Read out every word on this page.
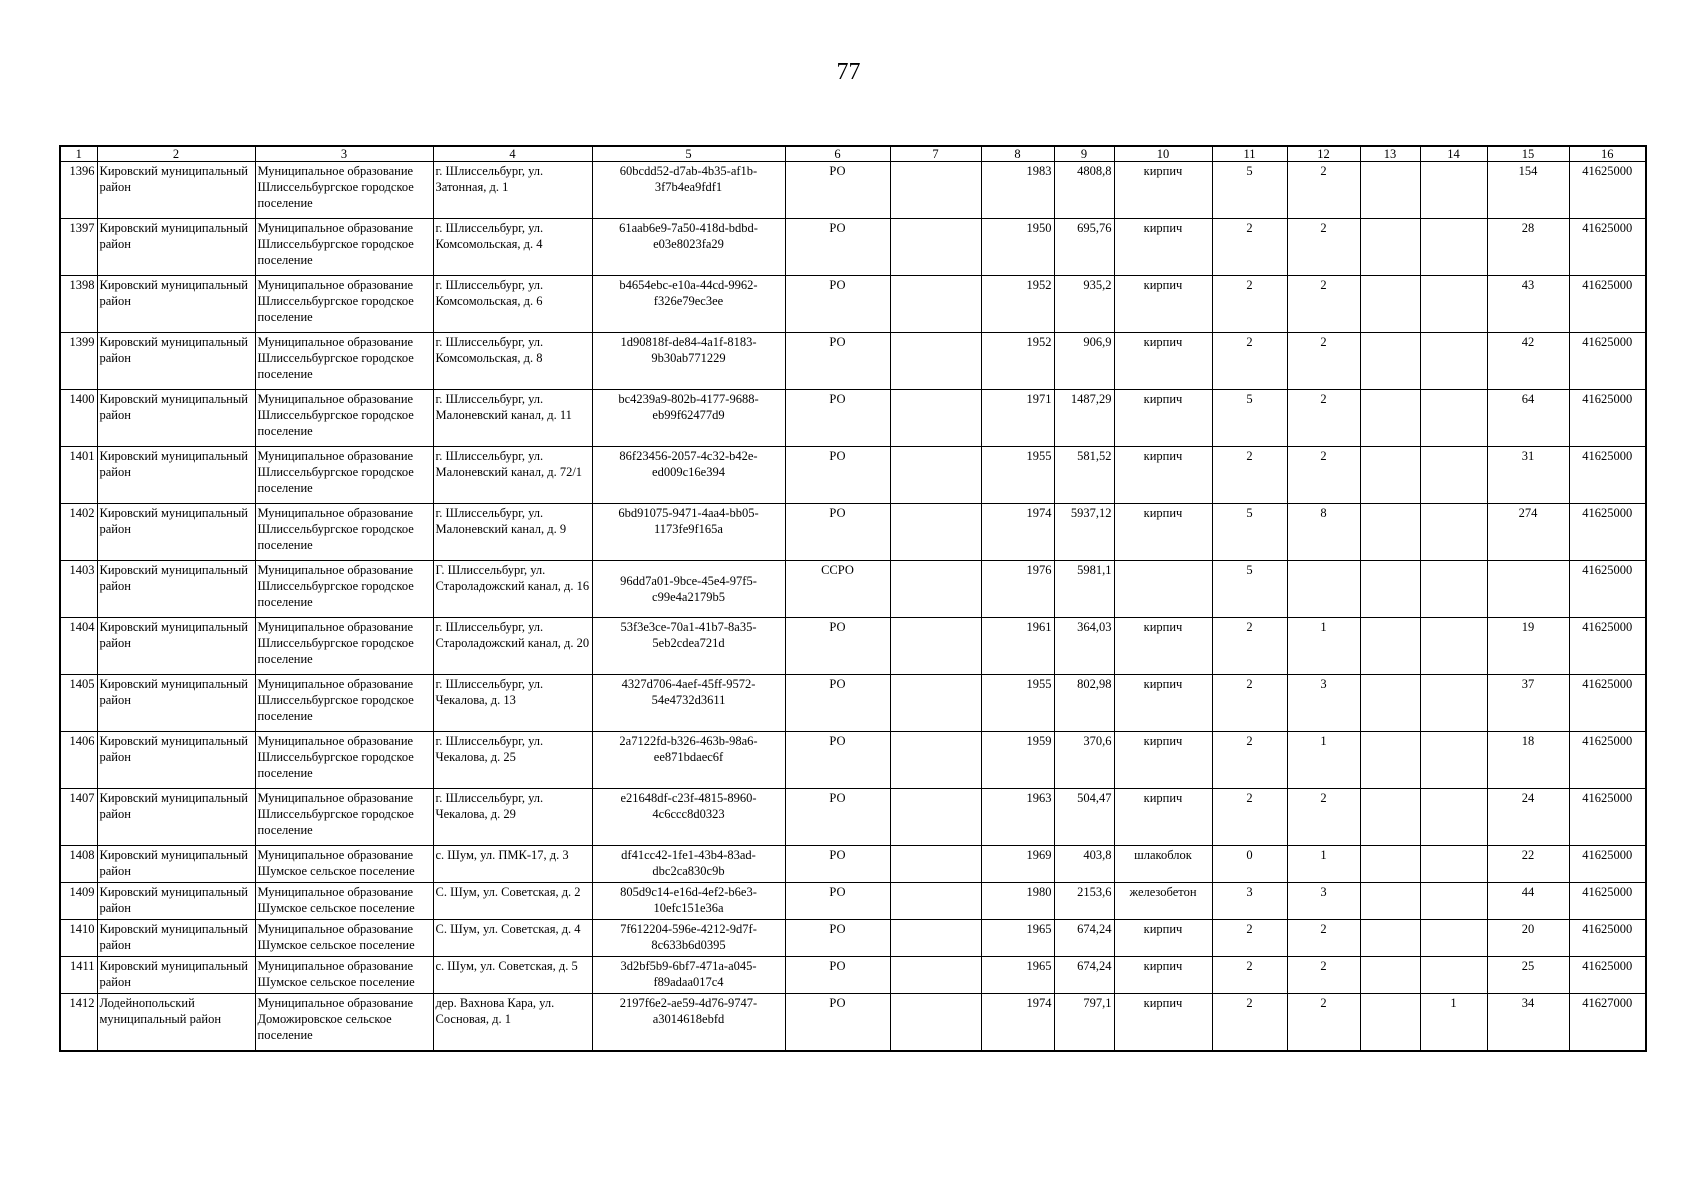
77
1	2	3	4	5	6	7	8	9	10	11	12	13	14	15	16
1396	Кировский муниципальный район	Муниципальное образование Шлиссельбургское городское поселение	г. Шлиссельбург, ул. Затонная, д. 1	60bcdd52-d7ab-4b35-af1b-3f7b4ea9fdf1	РО		1983	4808,8	кирпич	5	2			154	41625000
1397	Кировский муниципальный район	Муниципальное образование Шлиссельбургское городское поселение	г. Шлиссельбург, ул. Комсомольская, д. 4	61aab6e9-7a50-418d-bdbd-e03e8023fa29	РО		1950	695,76	кирпич	2	2			28	41625000
1398	Кировский муниципальный район	Муниципальное образование Шлиссельбургское городское поселение	г. Шлиссельбург, ул. Комсомольская, д. 6	b4654ebc-e10a-44cd-9962-f326e79ec3ee	РО		1952	935,2	кирпич	2	2			43	41625000
1399	Кировский муниципальный район	Муниципальное образование Шлиссельбургское городское поселение	г. Шлиссельбург, ул. Комсомольская, д. 8	1d90818f-de84-4a1f-8183-9b30ab771229	РО		1952	906,9	кирпич	2	2			42	41625000
1400	Кировский муниципальный район	Муниципальное образование Шлиссельбургское городское поселение	г. Шлиссельбург, ул. Малоневский канал, д. 11	bc4239a9-802b-4177-9688-eb99f62477d9	РО		1971	1487,29	кирпич	5	2			64	41625000
1401	Кировский муниципальный район	Муниципальное образование Шлиссельбургское городское поселение	г. Шлиссельбург, ул. Малоневский канал, д. 72/1	86f23456-2057-4c32-b42e-ed009c16e394	РО		1955	581,52	кирпич	2	2			31	41625000
1402	Кировский муниципальный район	Муниципальное образование Шлиссельбургское городское поселение	г. Шлиссельбург, ул. Малоневский канал, д. 9	6bd91075-9471-4aa4-bb05-1173fe9f165a	РО		1974	5937,12	кирпич	5	8			274	41625000
1403	Кировский муниципальный район	Муниципальное образование Шлиссельбургское городское поселение	Г. Шлиссельбург, ул. Староладожский канал, д. 16	96dd7a01-9bce-45e4-97f5-c99e4a2179b5	ССРО		1976	5981,1		5					41625000
1404	Кировский муниципальный район	Муниципальное образование Шлиссельбургское городское поселение	г. Шлиссельбург, ул. Староладожский канал, д. 20	53f3e3ce-70a1-41b7-8a35-5eb2cdea721d	РО		1961	364,03	кирпич	2	1			19	41625000
1405	Кировский муниципальный район	Муниципальное образование Шлиссельбургское городское поселение	г. Шлиссельбург, ул. Чекалова, д. 13	4327d706-4aef-45ff-9572-54e4732d3611	РО		1955	802,98	кирпич	2	3			37	41625000
1406	Кировский муниципальный район	Муниципальное образование Шлиссельбургское городское поселение	г. Шлиссельбург, ул. Чекалова, д. 25	2a7122fd-b326-463b-98a6-ee871bdaec6f	РО		1959	370,6	кирпич	2	1			18	41625000
1407	Кировский муниципальный район	Муниципальное образование Шлиссельбургское городское поселение	г. Шлиссельбург, ул. Чекалова, д. 29	e21648df-c23f-4815-8960-4c6ccc8d0323	РО		1963	504,47	кирпич	2	2			24	41625000
1408	Кировский муниципальный район	Муниципальное образование Шумское сельское поселение	с. Шум, ул. ПМК-17, д. 3	df41cc42-1fe1-43b4-83ad-dbc2ca830c9b	РО		1969	403,8	шлакоблок	0	1			22	41625000
1409	Кировский муниципальный район	Муниципальное образование Шумское сельское поселение	С. Шум, ул. Советская, д. 2	805d9c14-e16d-4ef2-b6e3-10efc151e36a	РО		1980	2153,6	железобетон	3	3			44	41625000
1410	Кировский муниципальный район	Муниципальное образование Шумское сельское поселение	С. Шум, ул. Советская, д. 4	7f612204-596e-4212-9d7f-8c633b6d0395	РО		1965	674,24	кирпич	2	2			20	41625000
1411	Кировский муниципальный район	Муниципальное образование Шумское сельское поселение	с. Шум, ул. Советская, д. 5	3d2bf5b9-6bf7-471a-a045-f89adaa017c4	РО		1965	674,24	кирпич	2	2			25	41625000
1412	Лодейнопольский муниципальный район	Муниципальное образование Доможировское сельское поселение	дер. Вахнова Кара, ул. Сосновая, д. 1	2197f6e2-ae59-4d76-9747-a3014618ebfd	РО		1974	797,1	кирпич	2	2		1	34	41627000
